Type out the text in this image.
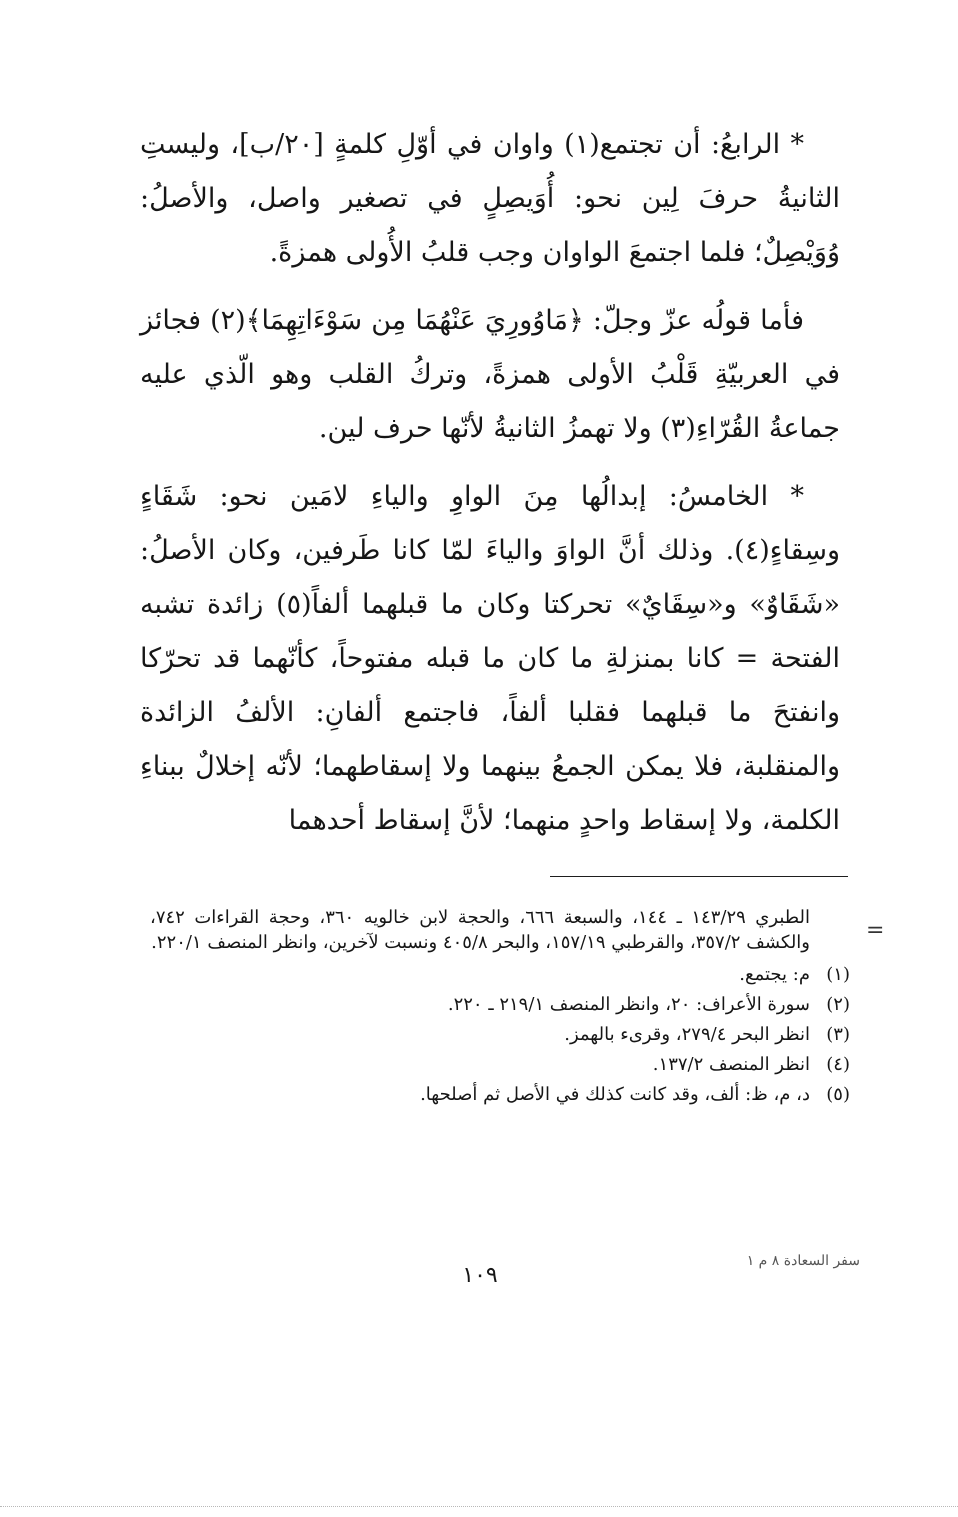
* الرابعُ: أن تجتمع(١) واوان في أوّلِ كلمةٍ [٢٠/ب]، وليستِ الثانيةُ حرفَ لِين نحو: أُوَيصِلٍ في تصغير واصل، والأصلُ: وُوَيْصِلٌ؛ فلما اجتمعَ الواوان وجب قلبُ الأُولى همزةً.

فأما قولُه عزّ وجلّ: ﴿مَاوُورِيَ عَنْهُمَا مِن سَوْءَاتِهِمَا﴾(٢) فجائز في العربيّةِ قَلْبُ الأولى همزةً، وتركُ القلب وهو الّذي عليه جماعةُ القُرّاءِ(٣) ولا تهمزُ الثانيةُ لأنّها حرف لين.

* الخامسُ: إبدالُها مِنَ الواوِ والياءِ لامَين نحو: شَقَاءٍ وسِقاءٍ(٤). وذلك أنَّ الواوَ والياءَ لمّا كانا طَرفين، وكان الأصلُ: «شَقَاوٌ» و«سِقَايٌ» تحركتا وكان ما قبلهما ألفاً(٥) زائدة تشبه الفتحة = كانا بمنزلةِ ما كان ما قبله مفتوحاً، كأنّهما قد تحرّكا وانفتحَ ما قبلهما فقلبا ألفاً، فاجتمع ألفانِ: الألفُ الزائدة والمنقلبة، فلا يمكن الجمعُ بينهما ولا إسقاطهما؛ لأنّه إخلالٌ ببناءِ الكلمة، ولا إسقاط واحدٍ منهما؛ لأنَّ إسقاط أحدهما

=
الطبري ١٤٣/٢٩ ـ ١٤٤، والسبعة ٦٦٦، والحجة لابن خالويه ٣٦٠، وحجة القراءات ٧٤٢، والكشف ٣٥٧/٢، والقرطبي ١٥٧/١٩، والبحر ٤٠٥/٨ ونسبت لآخرين، وانظر المنصف ٢٢٠/١.
(١)
م: يجتمع.
(٢)
سورة الأعراف: ٢٠، وانظر المنصف ٢١٩/١ ـ ٢٢٠.
(٣)
انظر البحر ٢٧٩/٤، وقرىء بالهمز.
(٤)
انظر المنصف ١٣٧/٢.
(٥)
د، م، ظ: ألف، وقد كانت كذلك في الأصل ثم أصلحها.
سفر السعادة ٨ م ١
١٠٩
